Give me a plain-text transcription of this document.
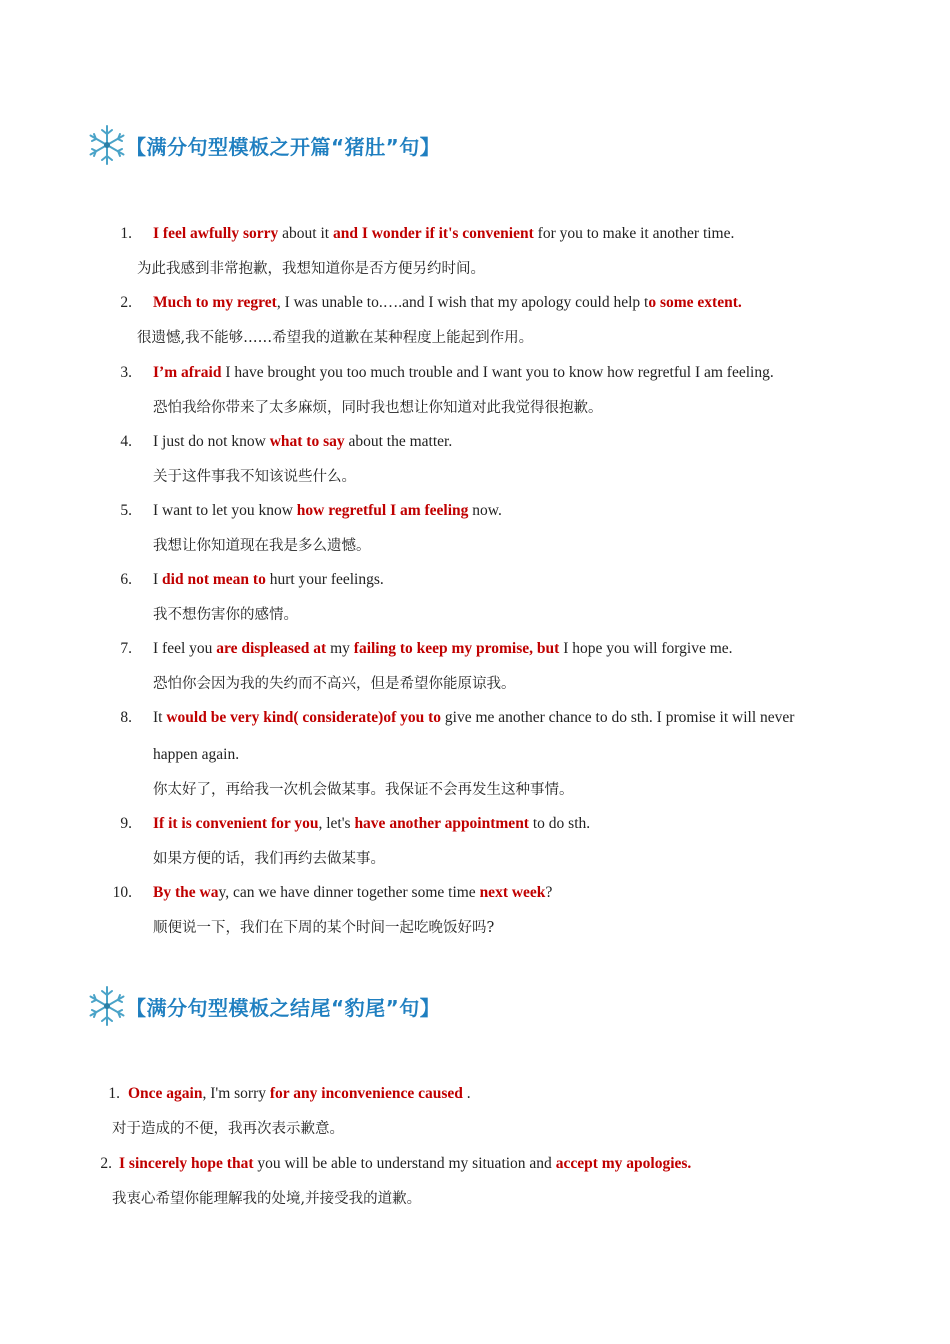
【满分句型模板之开篇“猪肚”句】
1. I feel awfully sorry about it and I wonder if it's convenient for you to make it another time.
为此我感到非常抱歉，我想知道你是否方便另约时间。
2. Much to my regret, I was unable to.….and I wish that my apology could help to some extent.
很遗憾,我不能够……希望我的道歉在某种程度上能起到作用。
3. I’m afraid I have brought you too much trouble and I want you to know how regretful I am feeling.
恐怕我给你带来了太多麻烦，同时我也想让你知道对此我觉得很抱歉。
4. I just do not know what to say about the matter.
关于这件事我不知该说些什么。
5. I want to let you know how regretful I am feeling now.
我想让你知道现在我是多么遗憾。
6. I did not mean to hurt your feelings.
我不想伤害你的感情。
7. I feel you are displeased at my failing to keep my promise, but I hope you will forgive me.
恐怕你会因为我的失约而不高兴，但是希望你能原谅我。
8. It would be very kind( considerate)of you to give me another chance to do sth. I promise it will never
happen again.
你太好了，再给我一次机会做某事。我保证不会再发生这种事情。
9. If it is convenient for you, let's have another appointment to do sth.
如果方便的话，我们再约去做某事。
10. By the way, can we have dinner together some time next week?
顺便说一下，我们在下周的某个时间一起吃晚饭好吗?
【满分句型模板之结尾“豹尾”句】
1. Once again, I'm sorry for any inconvenience caused .
对于造成的不便，我再次表示歉意。
2. I sincerely hope that you will be able to understand my situation and accept my apologies.
我衷心希望你能理解我的处境,并接受我的道歉。
